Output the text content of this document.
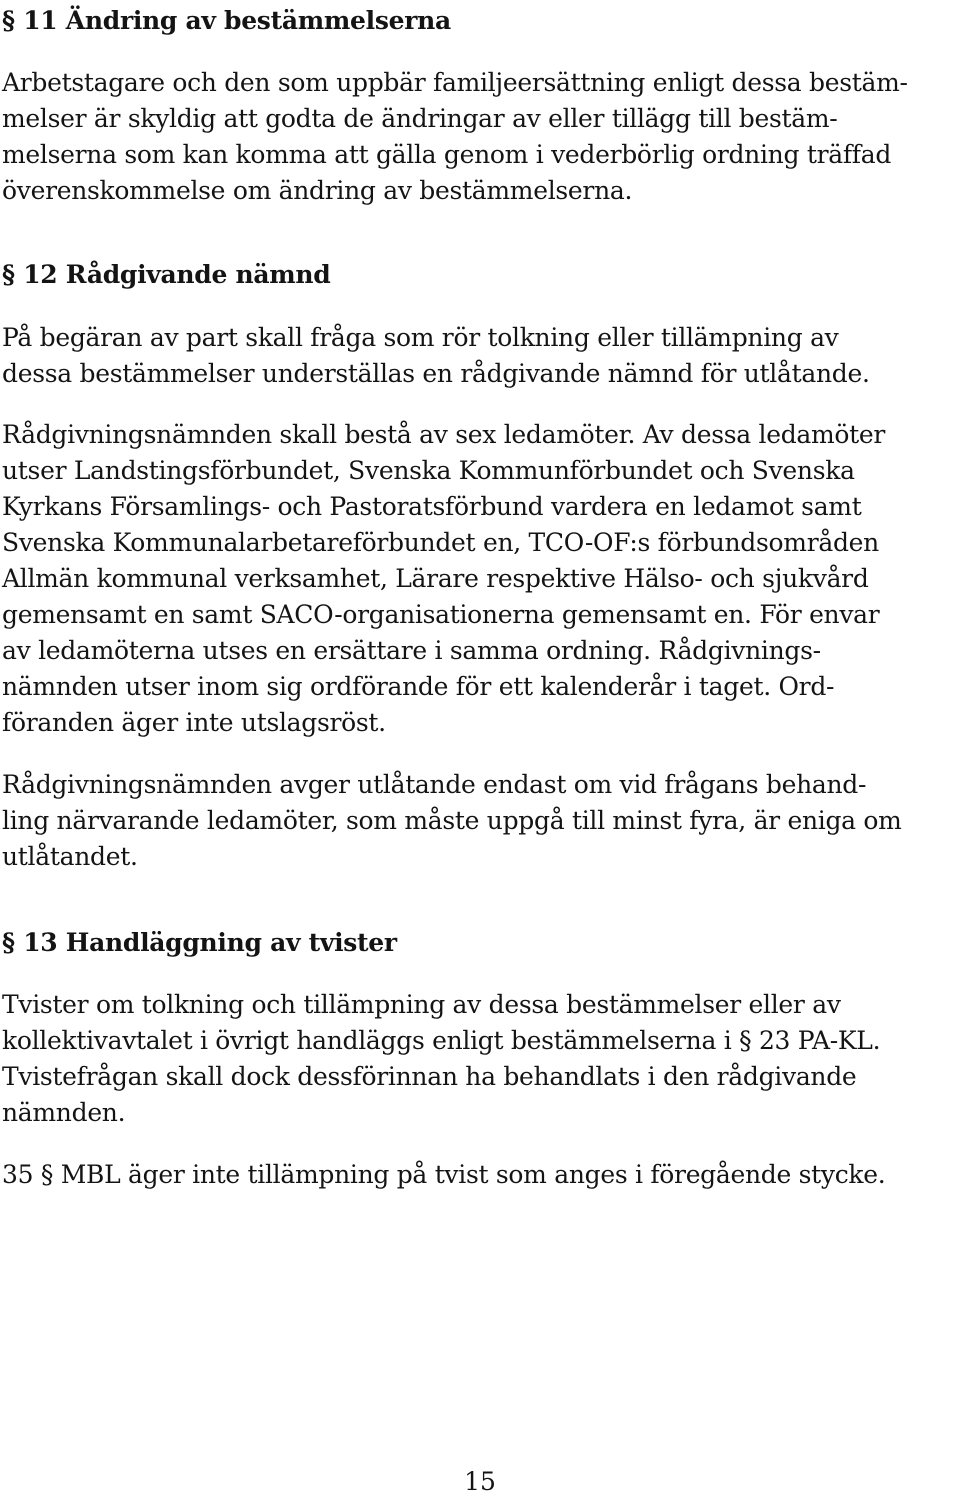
§ 11 Ändring av bestämmelserna

Arbetstagare och den som uppbär familjeersättning enligt dessa bestäm-

melser är skyldig att godta de ändringar av eller tillägg till bestäm-

melserna som kan komma att gälla genom i vederbörlig ordning träffad

överenskommelse om ändring av bestämmelserna.

§ 12 Rådgivande nämnd

På begäran av part skall fråga som rör tolkning eller tillämpning av

dessa bestämmelser underställas en rådgivande nämnd för utlåtande.

Rådgivningsnämnden skall bestå av sex ledamöter. Av dessa ledamöter

utser Landstingsförbundet, Svenska Kommunförbundet och Svenska

Kyrkans Församlings- och Pastoratsförbund vardera en ledamot samt

Svenska Kommunalarbetareförbundet en, TCO-OF:s förbundsområden

Allmän kommunal verksamhet, Lärare respektive Hälso- och sjukvård

gemensamt en samt SACO-organisationerna gemensamt en. För envar

av ledamöterna utses en ersättare i samma ordning. Rådgivnings-

nämnden utser inom sig ordförande för ett kalenderår i taget. Ord-

föranden äger inte utslagsröst.

Rådgivningsnämnden avger utlåtande endast om vid frågans behand-

ling närvarande ledamöter, som måste uppgå till minst fyra, är eniga om

utlåtandet.

§ 13 Handläggning av tvister

Tvister om tolkning och tillämpning av dessa bestämmelser eller av

kollektivavtalet i övrigt handläggs enligt bestämmelserna i § 23 PA-KL.

Tvistefrågan skall dock dessförinnan ha behandlats i den rådgivande

nämnden.

35 § MBL äger inte tillämpning på tvist som anges i föregående stycke.

15
